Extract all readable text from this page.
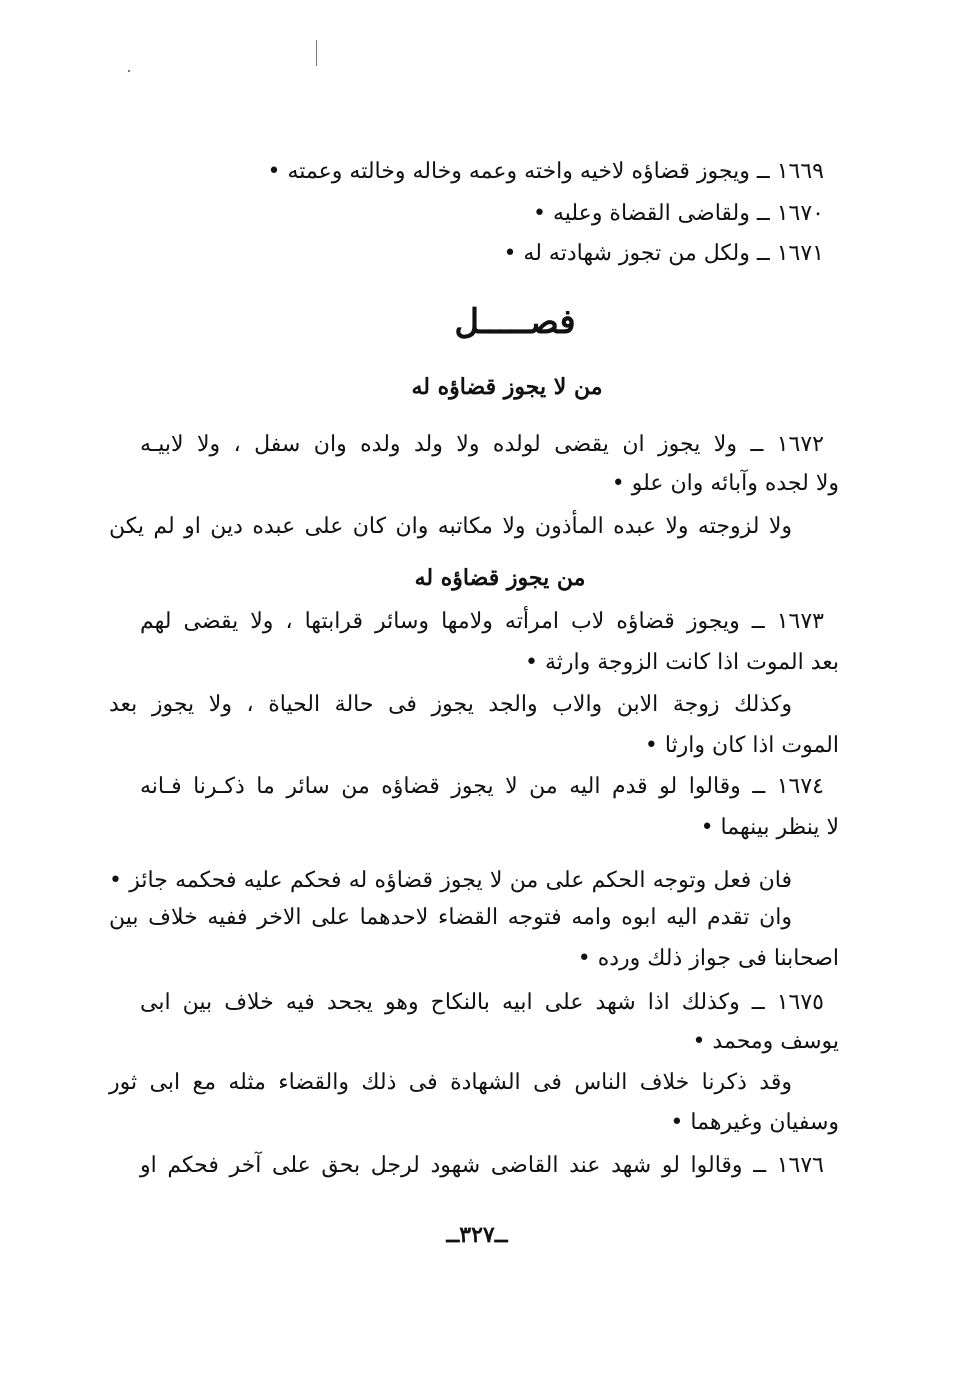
١٦٦٩ ــ ويجوز قضاؤه لاخيه واخته وعمه وخاله وخالته وعمته •
١٦٧٠ ــ ولقاضى القضاة وعليه •
١٦٧١ ــ ولكل من تجوز شهادته له •
فصـــــل
من لا يجوز قضاؤه له
١٦٧٢ ــ ولا يجوز ان يقضى لولده ولا ولد ولده وان سفل ، ولا لابيـه
ولا لجده وآبائه وان علو •
ولا لزوجته ولا عبده المأذون ولا مكاتبه وان كان على عبده دين او لم يكن
من يجوز قضاؤه له
١٦٧٣ ــ ويجوز قضاؤه لاب امرأته ولامها وسائر قرابتها ، ولا يقضى لهم
بعد الموت اذا كانت الزوجة وارثة •
وكذلك زوجة الابن والاب والجد يجوز فى حالة الحياة ، ولا يجوز بعد
الموت اذا كان وارثا •
١٦٧٤ ــ وقالوا لو قدم اليه من لا يجوز قضاؤه من سائر ما ذكـرنا فـانه
لا ينظر بينهما •
فان فعل وتوجه الحكم على من لا يجوز قضاؤه له فحكم عليه فحكمه جائز •
وان تقدم اليه ابوه وامه فتوجه القضاء لاحدهما على الاخر ففيه خلاف بين
اصحابنا فى جواز ذلك ورده •
١٦٧٥ ــ وكذلك اذا شهد على ابيه بالنكاح وهو يجحد فيه خلاف بين ابى
يوسف ومحمد •
وقد ذكرنا خلاف الناس فى الشهادة فى ذلك والقضاء مثله مع ابى ثور
وسفيان وغيرهما •
١٦٧٦ ــ وقالوا لو شهد عند القاضى شهود لرجل بحق على آخر فحكم او
ــ٣٢٧ــ
